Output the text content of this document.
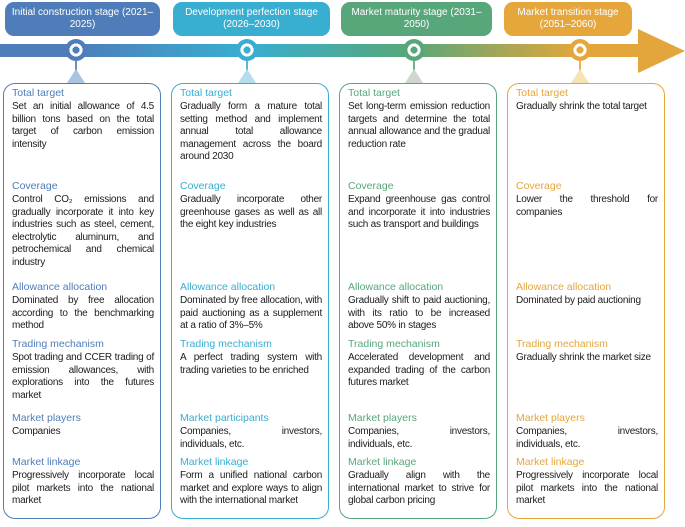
Initial construction stage (2021–2025)
Development perfection stage (2026–2030)
Market maturity stage (2031–2050)
Market transition stage (2051–2060)
Total target
Set an initial allowance of 4.5 billion tons based on the total target of carbon emission intensity
Coverage
Control CO₂ emissions and gradually incorporate it into key industries such as steel, cement, electrolytic aluminum, and petrochemical and chemical industry
Allowance allocation
Dominated by free allocation according to the benchmarking method
Trading mechanism
Spot trading and CCER trading of emission allowances, with explorations into the futures market
Market players
Companies
Market linkage
Progressively incorporate local pilot markets into the national market
Total target
Gradually form a mature total setting method and implement annual total allowance management across the board around 2030
Coverage
Gradually incorporate other greenhouse gases as well as all the eight key industries
Allowance allocation
Dominated by free allocation, with paid auctioning as a supplement at a ratio of 3%–5%
Trading mechanism
A perfect trading system with trading varieties to be enriched
Market participants
Companies, investors, individuals, etc.
Market linkage
Form a unified national carbon market and explore ways to align with the international market
Total target
Set long-term emission reduction targets and determine the total annual allowance and the gradual reduction rate
Coverage
Expand greenhouse gas control and incorporate it into industries such as transport and buildings
Allowance allocation
Gradually shift to paid auctioning, with its ratio to be increased above 50% in stages
Trading mechanism
Accelerated development and expanded trading of the carbon futures market
Market players
Companies, investors, individuals, etc.
Market linkage
Gradually align with the international market to strive for global carbon pricing
Total target
Gradually shrink the total target
Coverage
Lower the threshold for companies
Allowance allocation
Dominated by paid auctioning
Trading mechanism
Gradually shrink the market size
Market players
Companies, investors, individuals, etc.
Market linkage
Progressively incorporate local pilot markets into the national market
